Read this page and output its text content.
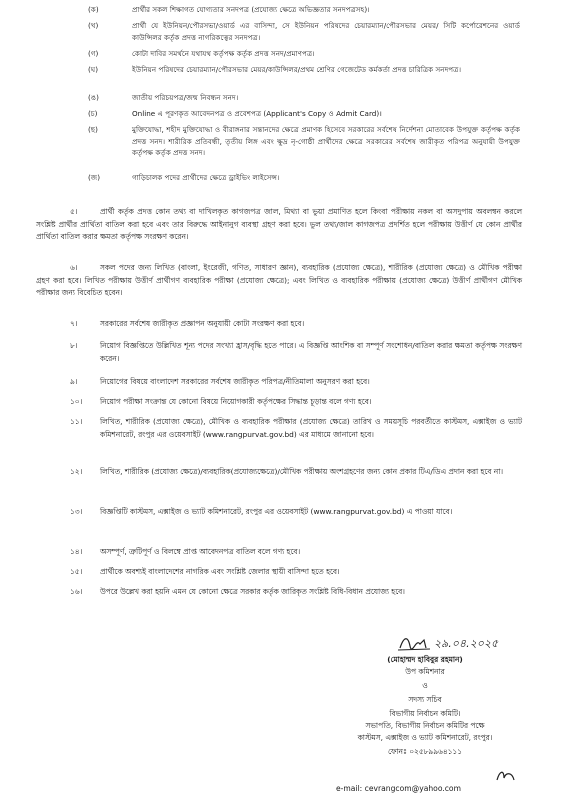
(ক)	প্রার্থীর সকল শিক্ষাগত যোগ্যতার সনদপত্র (প্রযোজ্য ক্ষেত্রে অভিজ্ঞতার সনদপত্রসহ)।
(খ)	প্রার্থী যে ইউনিয়ন/পৌরসভা/ওয়ার্ড এর বাসিন্দা, সে ইউনিয়ন পরিষদের চেয়ারম্যান/পৌরসভার মেয়র/ সিটি কর্পোরেশনের ওয়ার্ড কাউন্সিলর কর্তৃক প্রদত্ত নাগরিকত্বের সনদপত্র।
(গ)	কোটা দাবির সমর্থনে যথাযথ কর্তৃপক্ষ কর্তৃক প্রদত্ত সনদ/প্রমাণপত্র।
(ঘ)	ইউনিয়ন পরিষদের চেয়ারম্যান/পৌরসভার মেয়র/কাউন্সিলর/প্রথম শ্রেণির গেজেটেড কর্মকর্তা প্রদত্ত চারিত্রিক সনদপত্র।
(ঙ)	জাতীয় পরিচয়পত্র/জন্ম নিবন্ধন সনদ।
(চ)	Online এ পূরণকৃত আবেদনপত্র ও প্রবেশপত্র (Applicant's Copy ও Admit Card)।
(ছ)	মুক্তিযোদ্ধা, শহীদ মুক্তিযোদ্ধা ও বীরাঙ্গনার সন্তানদের ক্ষেত্রে প্রমাণক হিসেবে সরকারের সর্বশেষ নির্দেশনা মোতাবেক উপযুক্ত কর্তৃপক্ষ কর্তৃক প্রদত্ত সনদ। শারীরিক প্রতিবন্ধী, তৃতীয় লিঙ্গ এবং ক্ষুদ্র নৃ-গোষ্ঠী প্রার্থীদের ক্ষেত্রে সরকারের সর্বশেষ জারীকৃত পরিপত্র অনুযায়ী উপযুক্ত কর্তৃপক্ষ কর্তৃক প্রদত্ত সনদ।
(জ)	গাড়িচালক পদের প্রার্থীদের ক্ষেত্রে ড্রাইভিং লাইসেন্স।
৫।	প্রার্থী কর্তৃক প্রদত্ত কোন তথ্য বা দাখিলকৃত কাগজপত্র জাল, মিথ্যা বা ভুয়া প্রমাণিত হলে কিংবা পরীক্ষায় নকল বা অসদুপায় অবলম্বন করলে সংশ্লিষ্ট প্রার্থীর প্রার্থিতা বাতিল করা হবে এবং তার বিরুদ্ধে আইনানুগ ব্যবস্থা গ্রহণ করা হবে। ভুল তথ্য/জাল কাগজপত্র প্রদর্শিত হলে পরীক্ষায় উত্তীর্ণ যে কোন প্রার্থীর প্রার্থিতা বাতিল করার ক্ষমতা কর্তৃপক্ষ সংরক্ষণ করেন।
৬।	সকল পদের জন্য লিখিত (বাংলা, ইংরেজী, গণিত, সাধারণ জ্ঞান), ব্যবহারিক (প্রযোজ্য ক্ষেত্রে), শারীরিক (প্রযোজ্য ক্ষেত্রে) ও মৌখিক পরীক্ষা গ্রহণ করা হবে। লিখিত পরীক্ষায় উত্তীর্ণ প্রার্থীগণ ব্যবহারিক পরীক্ষা (প্রযোজ্য ক্ষেত্রে); এবং লিখিত ও ব্যবহারিক পরীক্ষায় (প্রযোজ্য ক্ষেত্রে) উত্তীর্ণ প্রার্থীগণ মৌখিক পরীক্ষার জন্য বিবেচিত হবেন।
৭।	সরকারের সর্বশেষ জারীকৃত প্রজ্ঞাপন অনুযায়ী কোটা সংরক্ষণ করা হবে।
৮।	নিয়োগ বিজ্ঞপ্তিতে উল্লিখিত শূন্য পদের সংখ্যা হ্রাস/বৃদ্ধি হতে পারে। এ বিজ্ঞপ্তি আংশিক বা সম্পূর্ণ সংশোধন/বাতিল করার ক্ষমতা কর্তৃপক্ষ সংরক্ষণ করেন।
৯।	নিয়োগের বিষয়ে বাংলাদেশ সরকারের সর্বশেষ জারীকৃত পরিপত্র/নীতিমালা অনুসরণ করা হবে।
১০। নিয়োগ পরীক্ষা সংক্রান্ত যে কোনো বিষয়ে নিয়োগকারী কর্তৃপক্ষের সিদ্ধান্ত চূড়ান্ত বলে গণ্য হবে।
১১। লিখিত, শারীরিক (প্রযোজ্য ক্ষেত্রে), মৌখিক ও ব্যবহারিক পরীক্ষার (প্রযোজ্য ক্ষেত্রে) তারিখ ও সময়সূচি পরবর্তীতে কাস্টমস, এক্সাইজ ও ভ্যাট কমিশনারেট, রংপুর এর ওয়েবসাইট (www.rangpurvat.gov.bd) এর মাধ্যমে জানানো হবে।
১২। লিখিত, শারীরিক (প্রযোজ্য ক্ষেত্রে)/ব্যবহারিক(প্রযোজ্যক্ষেত্রে)/মৌখিক পরীক্ষায় অংশগ্রহণের জন্য কোন প্রকার টিএ/ডিএ প্রদান করা হবে না।
১৩। বিজ্ঞপ্তিটি কাস্টমস, এক্সাইজ ও ভ্যাট কমিশনারেট, রংপুর এর ওয়েবসাইট (www.rangpurvat.gov.bd) এ পাওয়া যাবে।
১৪। অসম্পূর্ণ, ত্রুটিপূর্ণ ও বিলম্বে প্রাপ্ত আবেদনপত্র বাতিল বলে গণ্য হবে।
১৫। প্রার্থীকে অবশ্যই বাংলাদেশের নাগরিক এবং সংশ্লিষ্ট জেলার স্থায়ী বাসিন্দা হতে হবে।
১৬। উপরে উল্লেখ করা হয়নি এমন যে কোনো ক্ষেত্রে সরকার কর্তৃক জারিকৃত সংশ্লিষ্ট বিধি-বিধান প্রযোজ্য হবে।
২৯.০৪.২০২৫
(মোহাম্মদ হাবিবুর রহমান)
উপ কমিশনার
ও
সদস্য সচিব
বিভাগীয় নির্বাচন কমিটি।
সভাপতি, বিভাগীয় নির্বাচন কমিটির পক্ষে
কাস্টমস, এক্সাইজ ও ভ্যাট কমিশনারেট, রংপুর।
ফোনঃ ০২৫৮৯৯৬৪১১১
e-mail: cevrangcom@yahoo.com
